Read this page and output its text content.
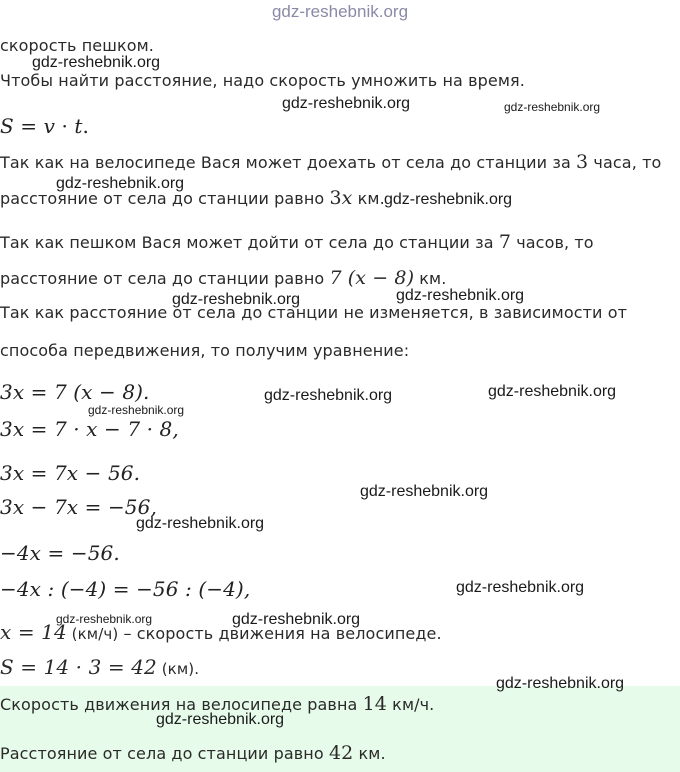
gdz-reshebnik.org
скорость пешком.
Чтобы найти расстояние, надо скорость умножить на время.
S = v · t.
Так как на велосипеде Вася может доехать от села до станции за 3 часа, то
расстояние от села до станции равно 3x км.
Так как пешком Вася может дойти от села до станции за 7 часов, то
расстояние от села до станции равно 7 (x − 8) км.
Так как расстояние от села до станции не изменяется, в зависимости от
способа передвижения, то получим уравнение:
3x = 7 (x − 8).
3x = 7 · x − 7 · 8,
3x = 7x − 56.
3x − 7x = −56,
−4x = −56.
−4x : (−4) = −56 : (−4),
x = 14 (км/ч) – скорость движения на велосипеде.
S = 14 · 3 = 42 (км).
Скорость движения на велосипеде равна 14 км/ч.
Расстояние от села до станции равно 42 км.
gdz-reshebnik.org
gdz-reshebnik.org	gdz-reshebnik.org
gdz-reshebnik.org
gdz-reshebnik.org
gdz-reshebnik.org	gdz-reshebnik.org
gdz-reshebnik.org	gdz-reshebnik.org
gdz-reshebnik.org
gdz-reshebnik.org
gdz-reshebnik.org
gdz-reshebnik.org
gdz-reshebnik.org	gdz-reshebnik.org
gdz-reshebnik.org
gdz-reshebnik.org
